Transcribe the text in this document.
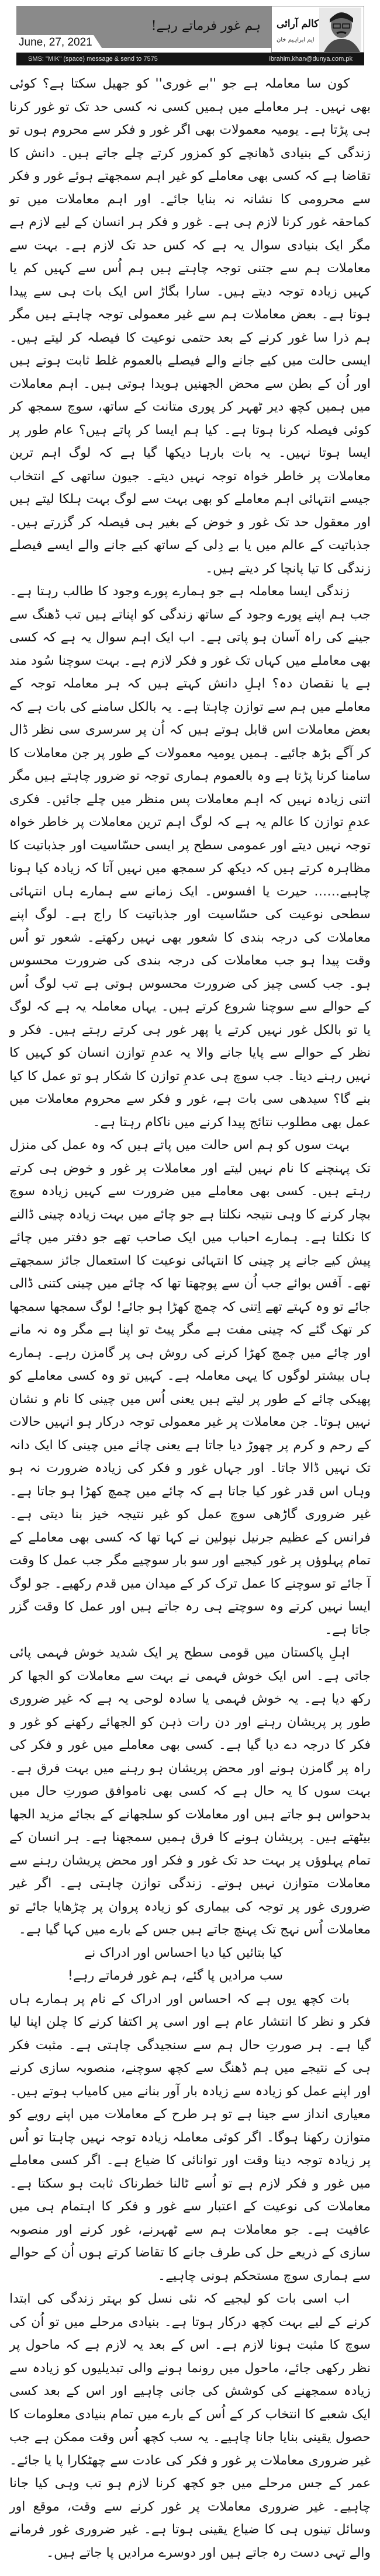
ہم غور فرماتے رہے!
June, 27, 2021
کالم آرائی
ایم ابراہیم خان
SMS: "MIK" (space) message & send to 7575	ibrahim.khan@dunya.com.pk

کون سا معاملہ ہے جو ''بے غوری'' کو جھیل سکتا ہے؟ کوئی بھی نہیں۔ ہر معاملے میں ہمیں کسی نہ کسی حد تک تو غور کرنا ہی پڑتا ہے۔ یومیہ معمولات بھی اگر غور و فکر سے محروم ہوں تو زندگی کے بنیادی ڈھانچے کو کمزور کرتے چلے جاتے ہیں۔ دانش کا تقاضا ہے کہ کسی بھی معاملے کو غیر اہم سمجھتے ہوئے غور و فکر سے محرومی کا نشانہ نہ بنایا جائے۔ اور اہم معاملات میں تو کماحقہ غور کرنا لازم ہی ہے۔ غور و فکر ہر انسان کے لیے لازم ہے مگر ایک بنیادی سوال یہ ہے کہ کس حد تک لازم ہے۔ بہت سے معاملات ہم سے جتنی توجہ چاہتے ہیں ہم اُس سے کہیں کم یا کہیں زیادہ توجہ دیتے ہیں۔ سارا بگاڑ اس ایک بات ہی سے پیدا ہوتا ہے۔ بعض معاملات ہم سے غیر معمولی توجہ چاہتے ہیں مگر ہم ذرا سا غور کرنے کے بعد حتمی نوعیت کا فیصلہ کر لیتے ہیں۔ ایسی حالت میں کیے جانے والے فیصلے بالعموم غلط ثابت ہوتے ہیں اور اُن کے بطن سے محض الجھنیں ہویدا ہوتی ہیں۔ اہم معاملات میں ہمیں کچھ دیر ٹھہر کر پوری متانت کے ساتھ، سوچ سمجھ کر کوئی فیصلہ کرنا ہوتا ہے۔ کیا ہم ایسا کر پاتے ہیں؟ عام طور پر ایسا ہوتا نہیں۔ یہ بات بارہا دیکھا گیا ہے کہ لوگ اہم ترین معاملات پر خاطر خواہ توجہ نہیں دیتے۔ جیون ساتھی کے انتخاب جیسے انتہائی اہم معاملے کو بھی بہت سے لوگ بہت ہلکا لیتے ہیں اور معقول حد تک غور و خوض کے بغیر ہی فیصلہ کر گزرتے ہیں۔ جذباتیت کے عالم میں یا بے دِلی کے ساتھ کیے جانے والے ایسے فیصلے زندگی کا تیا پانچا کر دیتے ہیں۔

زندگی ایسا معاملہ ہے جو ہمارے پورے وجود کا طالب رہتا ہے۔ جب ہم اپنے پورے وجود کے ساتھ زندگی کو اپناتے ہیں تب ڈھنگ سے جینے کی راہ آسان ہو پاتی ہے۔ اب ایک اہم سوال یہ ہے کہ کسی بھی معاملے میں کہاں تک غور و فکر لازم ہے۔ بہت سوچنا سُود مند ہے یا نقصان دہ؟ اہلِ دانش کہتے ہیں کہ ہر معاملہ توجہ کے معاملے میں ہم سے توازن چاہتا ہے۔ یہ بالکل سامنے کی بات ہے کہ بعض معاملات اس قابل ہوتے ہیں کہ اُن پر سرسری سی نظر ڈال کر آگے بڑھ جائیے۔ ہمیں یومیہ معمولات کے طور پر جن معاملات کا سامنا کرنا پڑتا ہے وہ بالعموم ہماری توجہ تو ضرور چاہتے ہیں مگر اتنی زیادہ نہیں کہ اہم معاملات پس منظر میں چلے جائیں۔ فکری عدمِ توازن کا عالم یہ ہے کہ لوگ اہم ترین معاملات پر خاطر خواہ توجہ نہیں دیتے اور عمومی سطح پر ایسی حسّاسیت اور جذباتیت کا مظاہرہ کرتے ہیں کہ دیکھ کر سمجھ میں نہیں آتا کہ زیادہ کیا ہونا چاہیے…… حیرت یا افسوس۔ ایک زمانے سے ہمارے ہاں انتہائی سطحی نوعیت کی حسّاسیت اور جذباتیت کا راج ہے۔ لوگ اپنے معاملات کی درجہ بندی کا شعور بھی نہیں رکھتے۔ شعور تو اُس وقت پیدا ہو جب معاملات کی درجہ بندی کی ضرورت محسوس ہو۔ جب کسی چیز کی ضرورت محسوس ہوتی ہے تب لوگ اُس کے حوالے سے سوچنا شروع کرتے ہیں۔ یہاں معاملہ یہ ہے کہ لوگ یا تو بالکل غور نہیں کرتے یا پھر غور ہی کرتے رہتے ہیں۔ فکر و نظر کے حوالے سے پایا جانے والا یہ عدمِ توازن انسان کو کہیں کا نہیں رہنے دیتا۔ جب سوچ ہی عدمِ توازن کا شکار ہو تو عمل کا کیا بنے گا؟ سیدھی سی بات ہے، غور و فکر سے محروم معاملات میں عمل بھی مطلوب نتائج پیدا کرنے میں ناکام رہتا ہے۔

بہت سوں کو ہم اس حالت میں پاتے ہیں کہ وہ عمل کی منزل تک پہنچنے کا نام نہیں لیتے اور معاملات پر غور و خوض ہی کرتے رہتے ہیں۔ کسی بھی معاملے میں ضرورت سے کہیں زیادہ سوچ بچار کرنے کا وہی نتیجہ نکلتا ہے جو چائے میں بہت زیادہ چینی ڈالنے کا نکلتا ہے۔ ہمارے احباب میں ایک صاحب تھے جو دفتر میں چائے پیش کیے جانے پر چینی کا انتہائی نوعیت کا استعمال جائز سمجھتے تھے۔ آفس بوائے جب اُن سے پوچھتا تھا کہ چائے میں چینی کتنی ڈالی جائے تو وہ کہتے تھے اِتنی کہ چمچ کھڑا ہو جائے! لوگ سمجھا سمجھا کر تھک گئے کہ چینی مفت ہے مگر پیٹ تو اپنا ہے مگر وہ نہ مانے اور چائے میں چمچ کھڑا کرنے کی روش ہی پر گامزن رہے۔ ہمارے ہاں بیشتر لوگوں کا یہی معاملہ ہے۔ کہیں تو وہ کسی معاملے کو پھیکی چائے کے طور پر لیتے ہیں یعنی اُس میں چینی کا نام و نشان نہیں ہوتا۔ جن معاملات پر غیر معمولی توجہ درکار ہو انہیں حالات کے رحم و کرم پر چھوڑ دیا جاتا ہے یعنی چائے میں چینی کا ایک دانہ تک نہیں ڈالا جاتا۔ اور جہاں غور و فکر کی زیادہ ضرورت نہ ہو وہاں اس قدر غور کیا جاتا ہے کہ چائے میں چمچ کھڑا ہو جاتا ہے۔ غیر ضروری گاڑھی سوچ عمل کو غیر نتیجہ خیز بنا دیتی ہے۔ فرانس کے عظیم جرنیل نپولین نے کہا تھا کہ کسی بھی معاملے کے تمام پہلوؤں پر غور کیجیے اور سو بار سوچیے مگر جب عمل کا وقت آ جائے تو سوچنے کا عمل ترک کر کے میدان میں قدم رکھیے۔ جو لوگ ایسا نہیں کرتے وہ سوچتے ہی رہ جاتے ہیں اور عمل کا وقت گزر جاتا ہے۔

اہلِ پاکستان میں قومی سطح پر ایک شدید خوش فہمی پائی جاتی ہے۔ اس ایک خوش فہمی نے بہت سے معاملات کو الجھا کر رکھ دیا ہے۔ یہ خوش فہمی یا سادہ لوحی یہ ہے کہ غیر ضروری طور پر پریشان رہنے اور دن رات ذہن کو الجھائے رکھنے کو غور و فکر کا درجہ دے دیا گیا ہے۔ کسی بھی معاملے میں غور و فکر کی راہ پر گامزن ہونے اور محض پریشان ہو رہنے میں بہت فرق ہے۔ بہت سوں کا یہ حال ہے کہ کسی بھی ناموافق صورتِ حال میں بدحواس ہو جاتے ہیں اور معاملات کو سلجھانے کے بجائے مزید الجھا بیٹھتے ہیں۔ پریشان ہونے کا فرق ہمیں سمجھنا ہے۔ ہر انسان کے تمام پہلوؤں پر بہت حد تک غور و فکر اور محض پریشان رہنے سے معاملات متوازن نہیں ہوتے۔ زندگی توازن چاہتی ہے۔ اگر غیر ضروری غور پر توجہ کی بیماری کو زیادہ پروان پر چڑھایا جائے تو معاملات اُس نہج تک پہنچ جاتے ہیں جس کے بارے میں کہا گیا ہے۔

کیا بتائیں کیا دیا احساس اور ادراک نے
سب مرادیں پا گئے، ہم غور فرماتے رہے!

بات کچھ یوں ہے کہ احساس اور ادراک کے نام پر ہمارے ہاں فکر و نظر کا انتشار عام ہے اور اسی پر اکتفا کرنے کا چلن اپنا لیا گیا ہے۔ ہر صورتِ حال ہم سے سنجیدگی چاہتی ہے۔ مثبت فکر ہی کے نتیجے میں ہم ڈھنگ سے کچھ سوچنے، منصوبہ سازی کرنے اور اپنے عمل کو زیادہ سے زیادہ بار آور بنانے میں کامیاب ہوتے ہیں۔ معیاری انداز سے جینا ہے تو ہر طرح کے معاملات میں اپنے رویے کو متوازن رکھنا ہوگا۔ اگر کوئی معاملہ زیادہ توجہ نہیں چاہتا تو اُس پر زیادہ توجہ دینا وقت اور توانائی کا ضیاع ہے۔ اگر کسی معاملے میں غور و فکر لازم ہے تو اُسے ٹالنا خطرناک ثابت ہو سکتا ہے۔ معاملات کی نوعیت کے اعتبار سے غور و فکر کا اہتمام ہی میں عافیت ہے۔ جو معاملات ہم سے ٹھہرنے، غور کرنے اور منصوبہ سازی کے ذریعے حل کی طرف جانے کا تقاضا کرتے ہوں اُن کے حوالے سے ہماری سوچ مستحکم ہونی چاہیے۔

اب اسی بات کو لیجیے کہ نئی نسل کو بہتر زندگی کی ابتدا کرنے کے لیے بہت کچھ درکار ہوتا ہے۔ بنیادی مرحلے میں تو اُن کی سوچ کا مثبت ہونا لازم ہے۔ اس کے بعد یہ لازم ہے کہ ماحول پر نظر رکھی جائے، ماحول میں رونما ہونے والی تبدیلیوں کو زیادہ سے زیادہ سمجھنے کی کوشش کی جانی چاہیے اور اس کے بعد کسی ایک شعبے کا انتخاب کر کے اُس کے بارے میں تمام بنیادی معلومات کا حصول یقینی بنایا جانا چاہیے۔ یہ سب کچھ اُس وقت ممکن ہے جب غیر ضروری معاملات پر غور و فکر کی عادت سے چھٹکارا پا یا جائے۔ عمر کے جس مرحلے میں جو کچھ کرنا لازم ہو تب وہی کیا جانا چاہیے۔ غیر ضروری معاملات پر غور کرنے سے وقت، موقع اور وسائل تینوں ہی کا ضیاع یقینی ہوتا ہے۔ غیر ضروری غور فرمانے والے تہی دست رہ جاتے ہیں اور دوسرے مرادیں پا جاتے ہیں۔
